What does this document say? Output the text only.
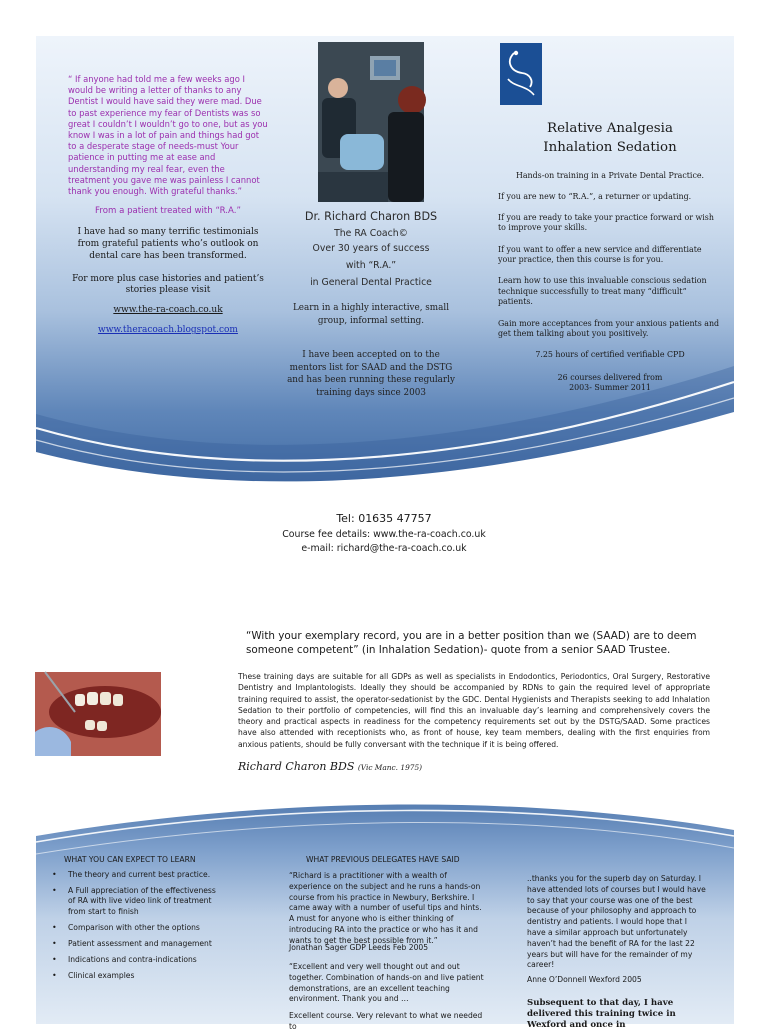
“ If anyone had told me a few weeks ago I would be writing a letter of thanks to any Dentist I would have said they were mad. Due to past experience my fear of Dentists was so great I couldn’t I wouldn’t go to one, but as you know I was in a lot of pain and things had got to a desperate stage of needs-must Your patience in putting me at ease and understanding my real fear, even the treatment you gave me was painless I cannot thank you enough. With grateful thanks.”

From a patient treated with “R.A.”

I have had so many terrific testimonials from grateful patients who’s outlook on dental care has been transformed.

For more plus case histories and patient’s stories please visit

www.the-ra-coach.co.uk

www.theracoach.blogspot.com

Dr. Richard Charon BDS

The RA Coach©

Over 30 years of success

with “R.A.”

in General Dental Practice

Learn in a highly interactive, small group, informal setting.

I have been accepted on to the mentors list for SAAD and the DSTG and has been running these regularly training days since 2003

Relative Analgesia

Inhalation Sedation

Hands-on training in a Private Dental Practice.

If you are new to “R.A.”, a returner or updating.

If you are ready to take your practice forward or wish to improve your skills.

If you want to offer a new service and differentiate your practice, then this course is for you.

Learn how to use this invaluable conscious sedation technique successfully to treat many “difficult” patients.

Gain more acceptances from your anxious patients and get them talking about you positively.

7.25 hours of certified verifiable CPD

26 courses delivered from

2003- Summer 2011

Tel: 01635 47757
Course fee details: www.the-ra-coach.co.uk
e-mail: richard@the-ra-coach.co.uk

“With your exemplary record, you are in a better position than we (SAAD) are to deem someone competent” (in Inhalation Sedation)- quote from a senior SAAD Trustee.

These training days are suitable for all GDPs as well as specialists in Endodontics, Periodontics, Oral Surgery, Restorative Dentistry and Implantologists. Ideally they should be accompanied by RDNs to gain the required level of appropriate training required to assist, the operator-sedationist by the GDC. Dental Hygienists and Therapists seeking to add Inhalation Sedation to their portfolio of competencies, will find this an invaluable day’s learning and comprehensively covers the theory and practical aspects in readiness for the competency requirements set out by the DSTG/SAAD. Some practices have also attended with receptionists who, as front of house, key team members, dealing with the first enquiries from anxious patients, should be fully conversant with the technique if it is being offered.

Richard Charon BDS (Vic Manc. 1975)

WHAT YOU CAN EXPECT TO LEARN
• The theory and current best practice.
• A Full appreciation of the effectiveness of RA with live video link of treatment from start to finish
• Comparison with other the options
• Patient assessment and management
• Indications and contra-indications
• Clinical examples
WHAT PREVIOUS DELEGATES HAVE SAID

“Richard is a practitioner with a wealth of experience on the subject and he runs a hands-on course from his practice in Newbury, Berkshire. I came away with a number of useful tips and hints. A must for anyone who is either thinking of introducing RA into the practice or who has it and wants to get the best possible from it.”

Jonathan Sager GDP Leeds Feb 2005

“Excellent and very well thought out and out together. Combination of hands-on and live patient demonstrations, are an excellent teaching environment. Thank you and …

Excellent course. Very relevant to what we needed to

..thanks you for the superb day on Saturday. I have attended lots of courses but I would have to say that your course was one of the best because of your philosophy and approach to dentistry and patients. I would hope that I have a similar approach but unfortunately haven’t had the benefit of RA for the last 22 years but will have for the remainder of my career!

Anne O’Donnell Wexford 2005

Subsequent to that day, I have delivered this training twice in Wexford and once in
